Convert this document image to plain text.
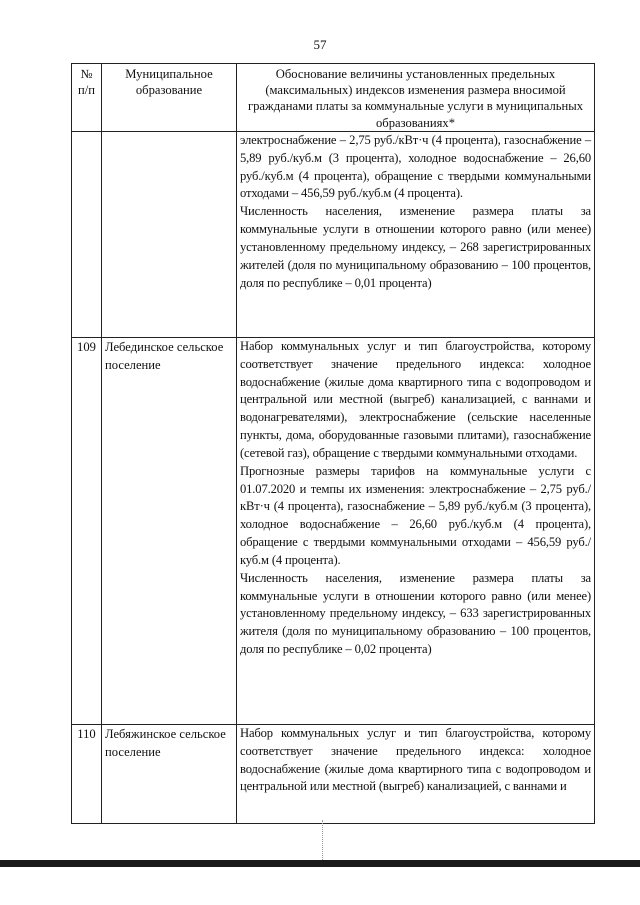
57
№ п/п	Муниципальное образование	Обоснование величины установленных предельных (максимальных) индексов изменения размера вносимой гражданами платы за коммунальные услуги в муниципальных образованиях*

		электроснабжение – 2,75 руб./кВт·ч (4 процента), газоснабжение – 5,89 руб./куб.м (3 процента), холодное водоснабжение – 26,60 руб./куб.м (4 процента), обращение с твердыми коммунальными отходами – 456,59 руб./куб.м (4 процента).
Численность населения, изменение размера платы за коммунальные услуги в отношении которого равно (или менее) установленному предельному индексу, – 268 зарегистрированных жителей (доля по муниципальному образованию – 100 процентов, доля по республике – 0,01 процента)

109	Лебединское сельское поселение	Набор коммунальных услуг и тип благоустройства, которому соответствует значение предельного индекса: холодное водоснабжение (жилые дома квартирного типа с водопроводом и центральной или местной (выгреб) канализацией, с ваннами и водонагревателями), электроснабжение (сельские населенные пункты, дома, оборудованные газовыми плитами), газоснабжение (сетевой газ), обращение с твердыми коммунальными отходами.
Прогнозные размеры тарифов на коммунальные услуги с 01.07.2020 и темпы их изменения: электроснабжение – 2,75 руб./кВт·ч (4 процента), газоснабжение – 5,89 руб./куб.м (3 процента), холодное водоснабжение – 26,60 руб./куб.м (4 процента), обращение с твердыми коммунальными отходами – 456,59 руб./куб.м (4 процента).
Численность населения, изменение размера платы за коммунальные услуги в отношении которого равно (или менее) установленному предельному индексу, – 633 зарегистрированных жителя (доля по муниципальному образованию – 100 процентов, доля по республике – 0,02 процента)

110	Лебяжинское сельское поселение	Набор коммунальных услуг и тип благоустройства, которому соответствует значение предельного индекса: холодное водоснабжение (жилые дома квартирного типа с водопроводом и центральной или местной (выгреб) канализацией, с ваннами и
